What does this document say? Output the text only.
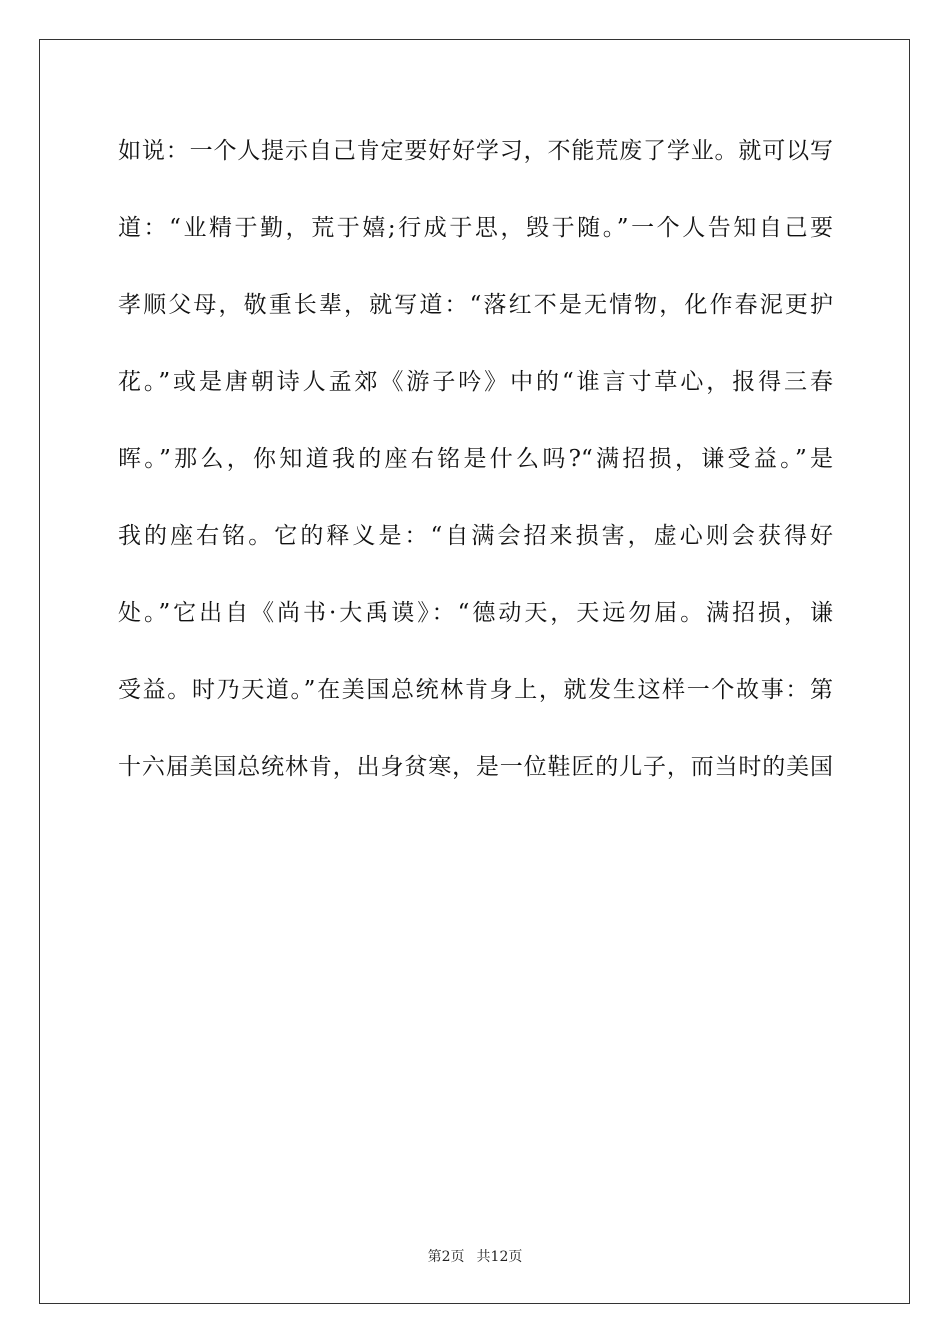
如说：一个人提示自己肯定要好好学习，不能荒废了学业。就可以写
道：“业精于勤，荒于嬉;行成于思，毁于随。”一个人告知自己要
孝顺父母，敬重长辈，就写道：“落红不是无情物，化作春泥更护
花。”或是唐朝诗人孟郊《游子吟》中的“谁言寸草心，报得三春
晖。”那么，你知道我的座右铭是什么吗?“满招损，谦受益。”是
我的座右铭。它的释义是：“自满会招来损害，虚心则会获得好
处。”它出自《尚书·大禹谟》：“德动天，天远勿届。满招损，谦
受益。时乃天道。”在美国总统林肯身上，就发生这样一个故事：第
十六届美国总统林肯，出身贫寒，是一位鞋匠的儿子，而当时的美国
第2页 共12页
